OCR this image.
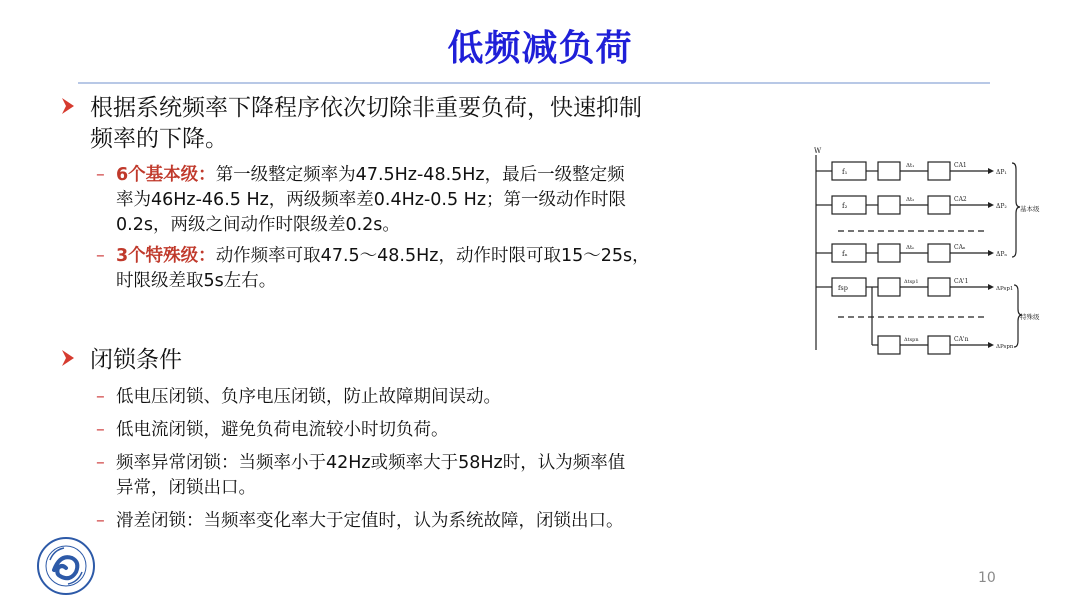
低频减负荷
根据系统频率下降程序依次切除非重要负荷，快速抑制
频率的下降。
– 6个基本级：第一级整定频率为47.5Hz-48.5Hz，最后一级整定频
率为46Hz-46.5 Hz，两级频率差0.4Hz-0.5 Hz；第一级动作时限
0.2s，两级之间动作时限级差0.2s。
– 3个特殊级：动作频率可取47.5～48.5Hz，动作时限可取15～25s，
时限级差取5s左右。
闭锁条件
– 低电压闭锁、负序电压闭锁，防止故障期间误动。
– 低电流闭锁，避免负荷电流较小时切负荷。
– 频率异常闭锁：当频率小于42Hz或频率大于58Hz时，认为频率值
异常，闭锁出口。
– 滑差闭锁：当频率变化率大于定值时，认为系统故障，闭锁出口。
W
f₁
Δt₁	CA1
ΔP₁
f₂
Δt₂	CA2
ΔP₂
fₙ
Δtₙ	CAₙ
ΔPₙ
基本级
fsp
Δtsp1	CA'1
ΔPsp1
Δtspn	CA'n
ΔPspn
特殊级
10
